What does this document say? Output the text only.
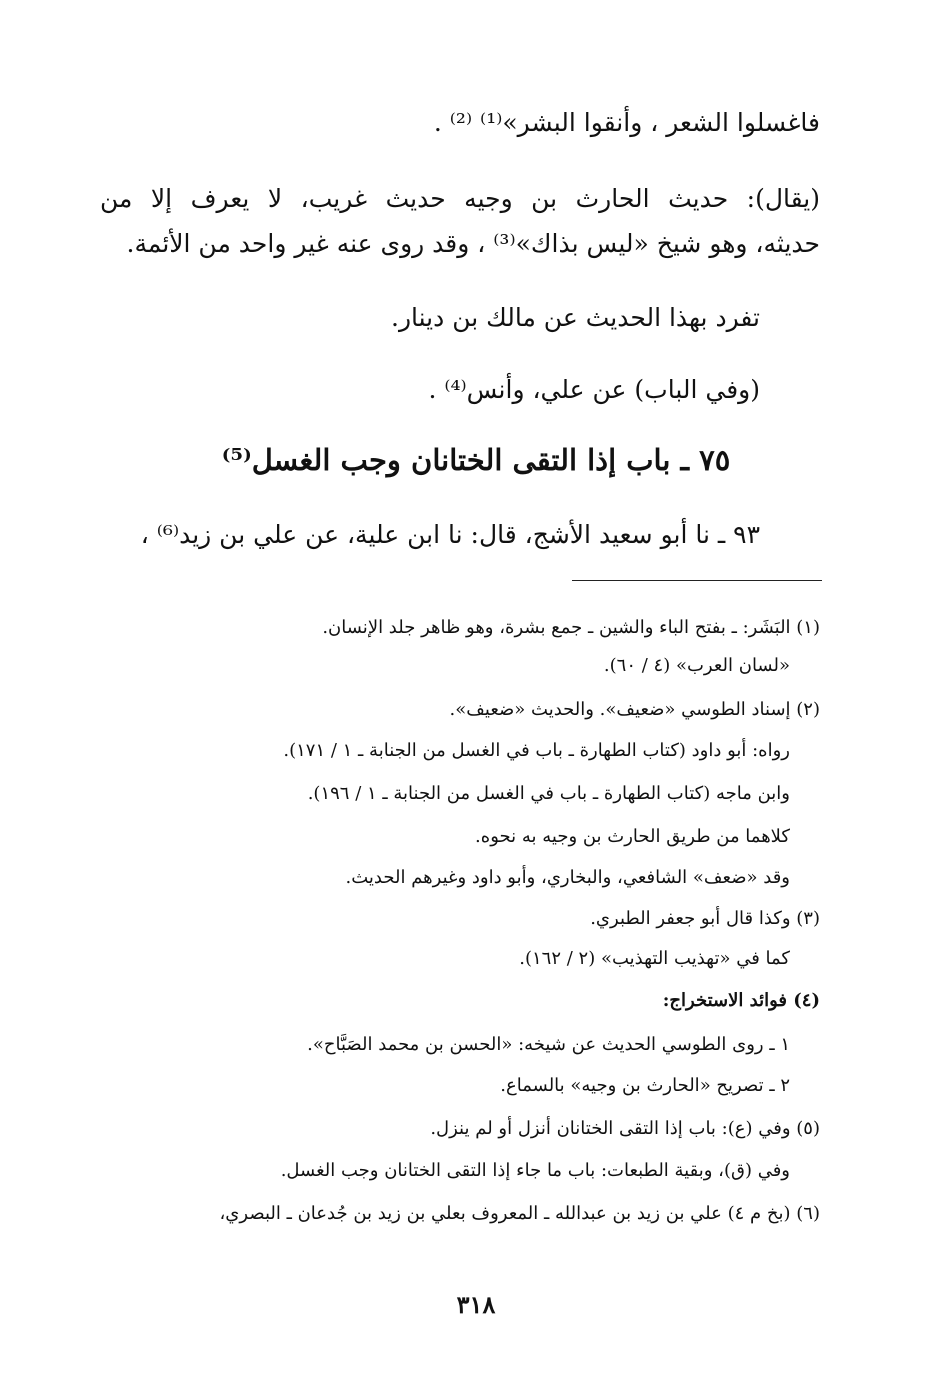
فاغسلوا الشعر ، وأنقوا البشر»⁽¹⁾ ⁽²⁾ .
(يقال): حديث الحارث بن وجيه حديث غريب، لا يعرف إلا من
حديثه، وهو شيخ «ليس بذاك»⁽³⁾ ، وقد روى عنه غير واحد من الأئمة.
تفرد بهذا الحديث عن مالك بن دينار.
(وفي الباب) عن علي، وأنس⁽⁴⁾ .
٧٥ ـ باب إذا التقى الختانان وجب الغسل⁽⁵⁾
٩٣ ـ نا أبو سعيد الأشج، قال: نا ابن علية، عن علي بن زيد⁽⁶⁾ ،
(١) البَشَر: ـ بفتح الباء والشين ـ جمع بشرة، وهو ظاهر جلد الإنسان.
«لسان العرب» (٤ / ٦٠).
(٢) إسناد الطوسي «ضعيف». والحديث «ضعيف».
رواه: أبو داود (كتاب الطهارة ـ باب في الغسل من الجنابة ـ ١ / ١٧١).
وابن ماجه (كتاب الطهارة ـ باب في الغسل من الجنابة ـ ١ / ١٩٦).
كلاهما من طريق الحارث بن وجيه به نحوه.
وقد «ضعف» الشافعي، والبخاري، وأبو داود وغيرهم الحديث.
(٣) وكذا قال أبو جعفر الطبري.
كما في «تهذيب التهذيب» (٢ / ١٦٢).
(٤) فوائد الاستخراج:
١ ـ روى الطوسي الحديث عن شيخه: «الحسن بن محمد الصَبَّاح».
٢ ـ تصريح «الحارث بن وجيه» بالسماع.
(٥) وفي (ع): باب إذا التقى الختانان أنزل أو لم ينزل.
وفي (ق)، وبقية الطبعات: باب ما جاء إذا التقى الختانان وجب الغسل.
(٦) (بخ م ٤) علي بن زيد بن عبدالله ـ المعروف بعلي بن زيد بن جُدعان ـ البصري،
٣١٨
